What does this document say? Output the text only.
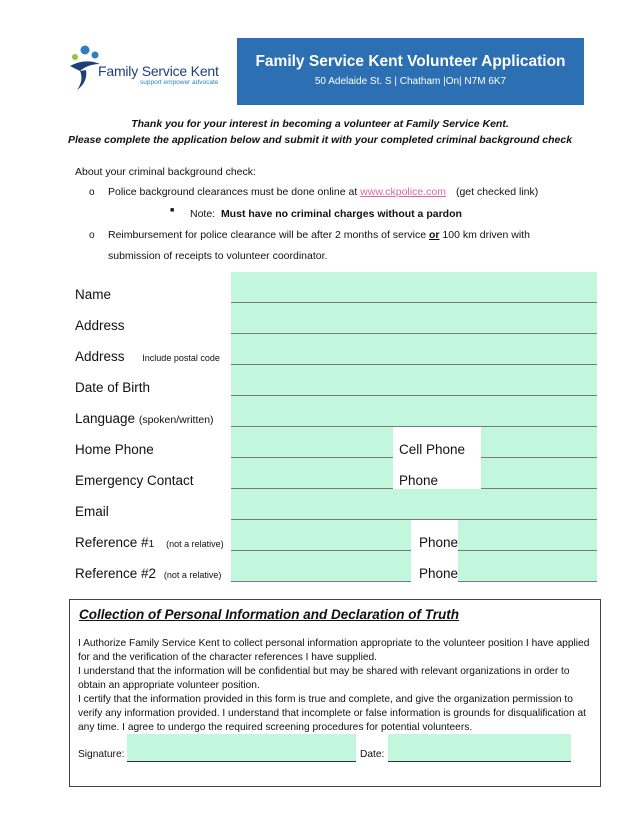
Family Service Kent
support empower advocate
Family Service Kent Volunteer Application
50 Adelaide St. S | Chatham |On| N7M 6K7
Thank you for your interest in becoming a volunteer at Family Service Kent.
Please complete the application below and submit it with your completed criminal background check
About your criminal background check:
o Police background clearances must be done online at www.ckpolice.com (get checked link)
■ Note:  Must have no criminal charges without a pardon
o Reimbursement for police clearance will be after 2 months of service or 100 km driven with
submission of receipts to volunteer coordinator.
Name
Address
Address Include postal code
Date of Birth
Language (spoken/written)
Home Phone
Emergency Contact
Email
Reference #1 (not a relative)
Reference #2 (not a relative)
Cell Phone
Phone
Phone
Phone
Collection of Personal Information and Declaration of Truth
I Authorize Family Service Kent to collect personal information appropriate to the volunteer position I have applied for and the verification of the character references I have supplied.
I understand that the information will be confidential but may be shared with relevant organizations in order to obtain an appropriate volunteer position.
I certify that the information provided in this form is true and complete, and give the organization permission to verify any information provided. I understand that incomplete or false information is grounds for disqualification at any time. I agree to undergo the required screening procedures for potential volunteers.
Signature:	Date:
